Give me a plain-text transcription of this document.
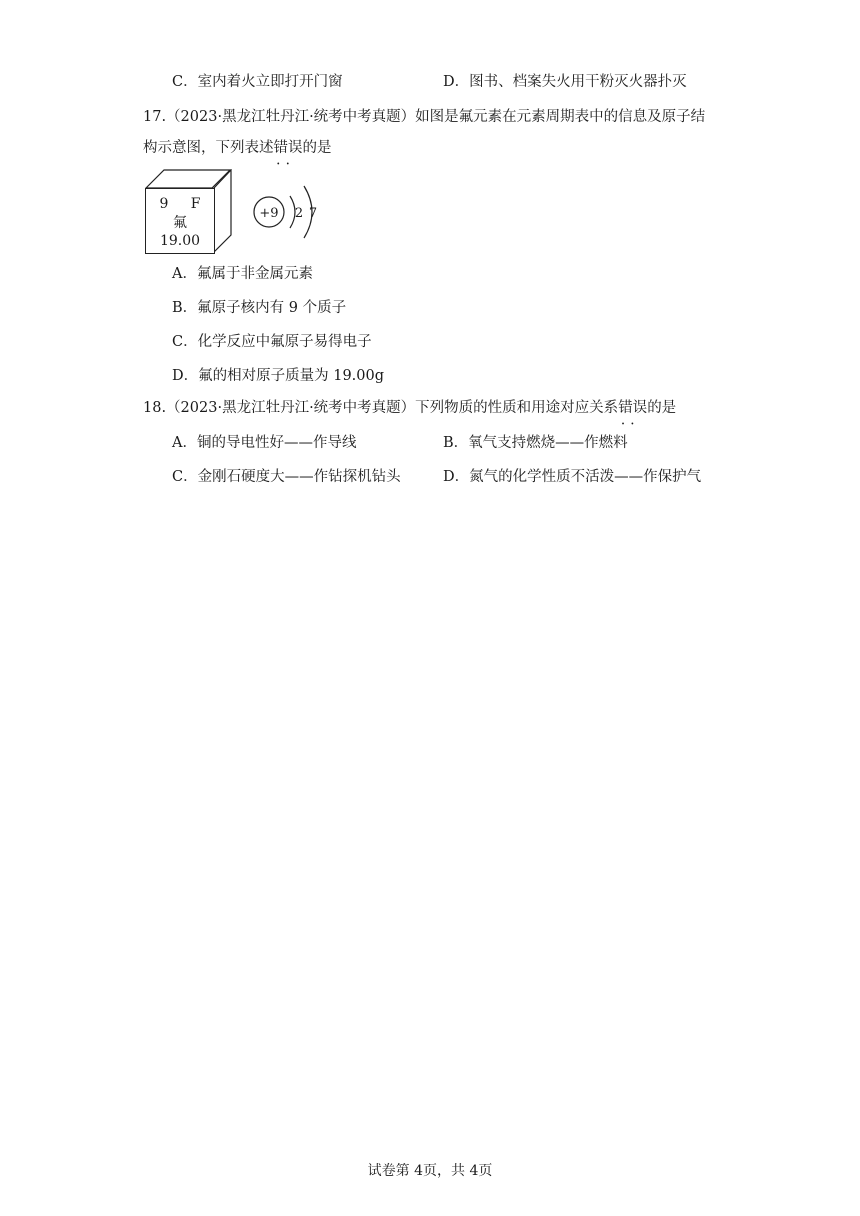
C．室内着火立即打开门窗	D．图书、档案失火用干粉灭火器扑灭
17.（2023·黑龙江牡丹江·统考中考真题）如图是氟元素在元素周期表中的信息及原子结
构示意图，下列表述错误 • •的是
9 F
氟
19.00
+9 2 7
A．氟属于非金属元素
B．氟原子核内有 9 个质子
C．化学反应中氟原子易得电子
D．氟的相对原子质量为 19.00g
18.（2023·黑龙江牡丹江·统考中考真题）下列物质的性质和用途对应关系错误 • •的是
A．铜的导电性好——作导线	B．氧气支持燃烧——作燃料
C．金刚石硬度大——作钻探机钻头	D．氮气的化学性质不活泼——作保护气
试卷第 4页，共 4页
